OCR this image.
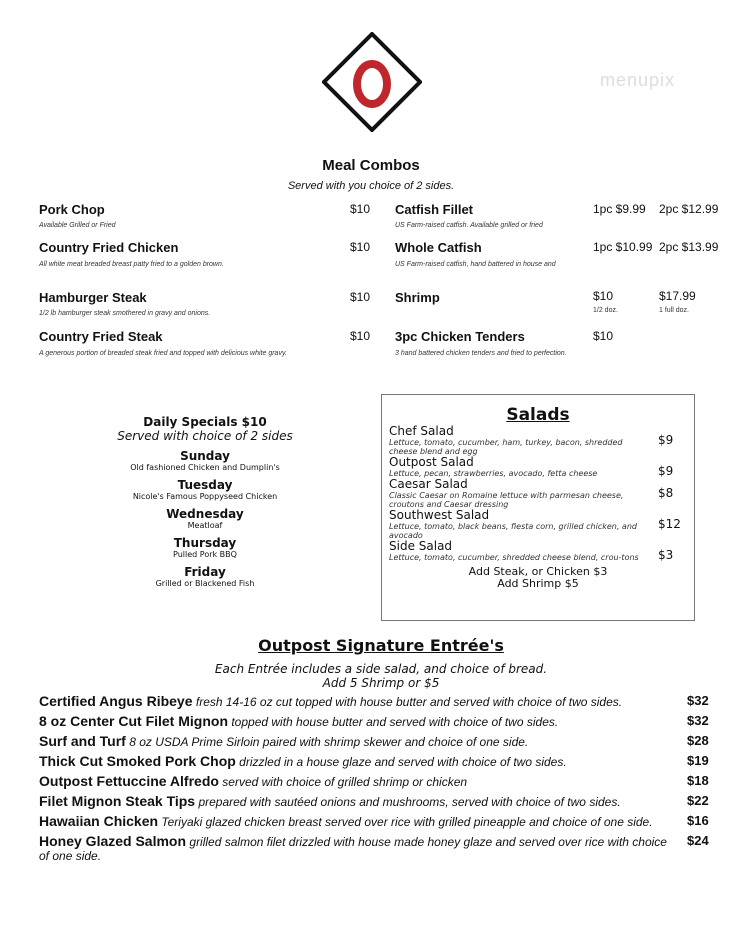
Meal Combos
Served with you choice of 2 sides.
Pork Chop
Available Grilled or Fried
$10
Country Fried Chicken
All white meat breaded breast patty fried to a golden brown.
$10
Hamburger Steak
1/2 lb hamburger steak smothered in gravy and onions.
$10
Country Fried Steak
A generous portion of breaded steak fried and topped with delicious white gravy.
$10
Catfish Fillet
US Farm-raised catfish. Available grilled or fried
1pc $9.99 2pc $12.99
Whole Catfish
US Farm-raised catfish, hand battered in house and
1pc $10.99 2pc $13.99
Shrimp	$10
1/2 doz.
$17.99
1 full doz.
3pc Chicken Tenders
3 hand battered chicken tenders and fried to perfection.
$10
Daily Specials $10
Served with choice of 2 sides
Sunday
Old fashioned Chicken and Dumplin's
Tuesday
Nicole's Famous Poppyseed Chicken
Wednesday
Meatloaf
Thursday
Pulled Pork BBQ
Friday
Grilled or Blackened Fish
Salads
Chef Salad
Lettuce, tomato, cucumber, ham, turkey, bacon, shredded cheese blend and egg
$9
Outpost Salad
Lettuce, pecan, strawberries, avocado, fetta cheese	$9
Caesar Salad
Classic Caesar on Romaine lettuce with parmesan cheese, croutons and Caesar dressing
$8
Southwest Salad
Lettuce, tomato, black beans, fiesta corn, grilled chicken, and avocado
$12
Side Salad
Lettuce, tomato, cucumber, shredded cheese blend, crou-tons $3
Add Steak, or Chicken $3
Add Shrimp $5
Outpost Signature Entrée's
Each Entrée includes a side salad, and choice of bread.
Add 5 Shrimp or $5
Certified Angus Ribeye fresh 14-16 oz cut topped with house butter and served with choice of two sides.	$32
8 oz Center Cut Filet Mignon topped with house butter and served with choice of two sides.	$32
Surf and Turf 8 oz USDA Prime Sirloin paired with shrimp skewer and choice of one side.	$28
Thick Cut Smoked Pork Chop drizzled in a house glaze and served with choice of two sides.	$19
Outpost Fettuccine Alfredo served with choice of grilled shrimp or chicken	$18
Filet Mignon Steak Tips prepared with sautéed onions and mushrooms, served with choice of two sides.	$22
Hawaiian Chicken Teriyaki glazed chicken breast served over rice with grilled pineapple and choice of one side.	$16
Honey Glazed Salmon grilled salmon filet drizzled with house made honey glaze and served over rice with choice of one side.
$24
menupix
